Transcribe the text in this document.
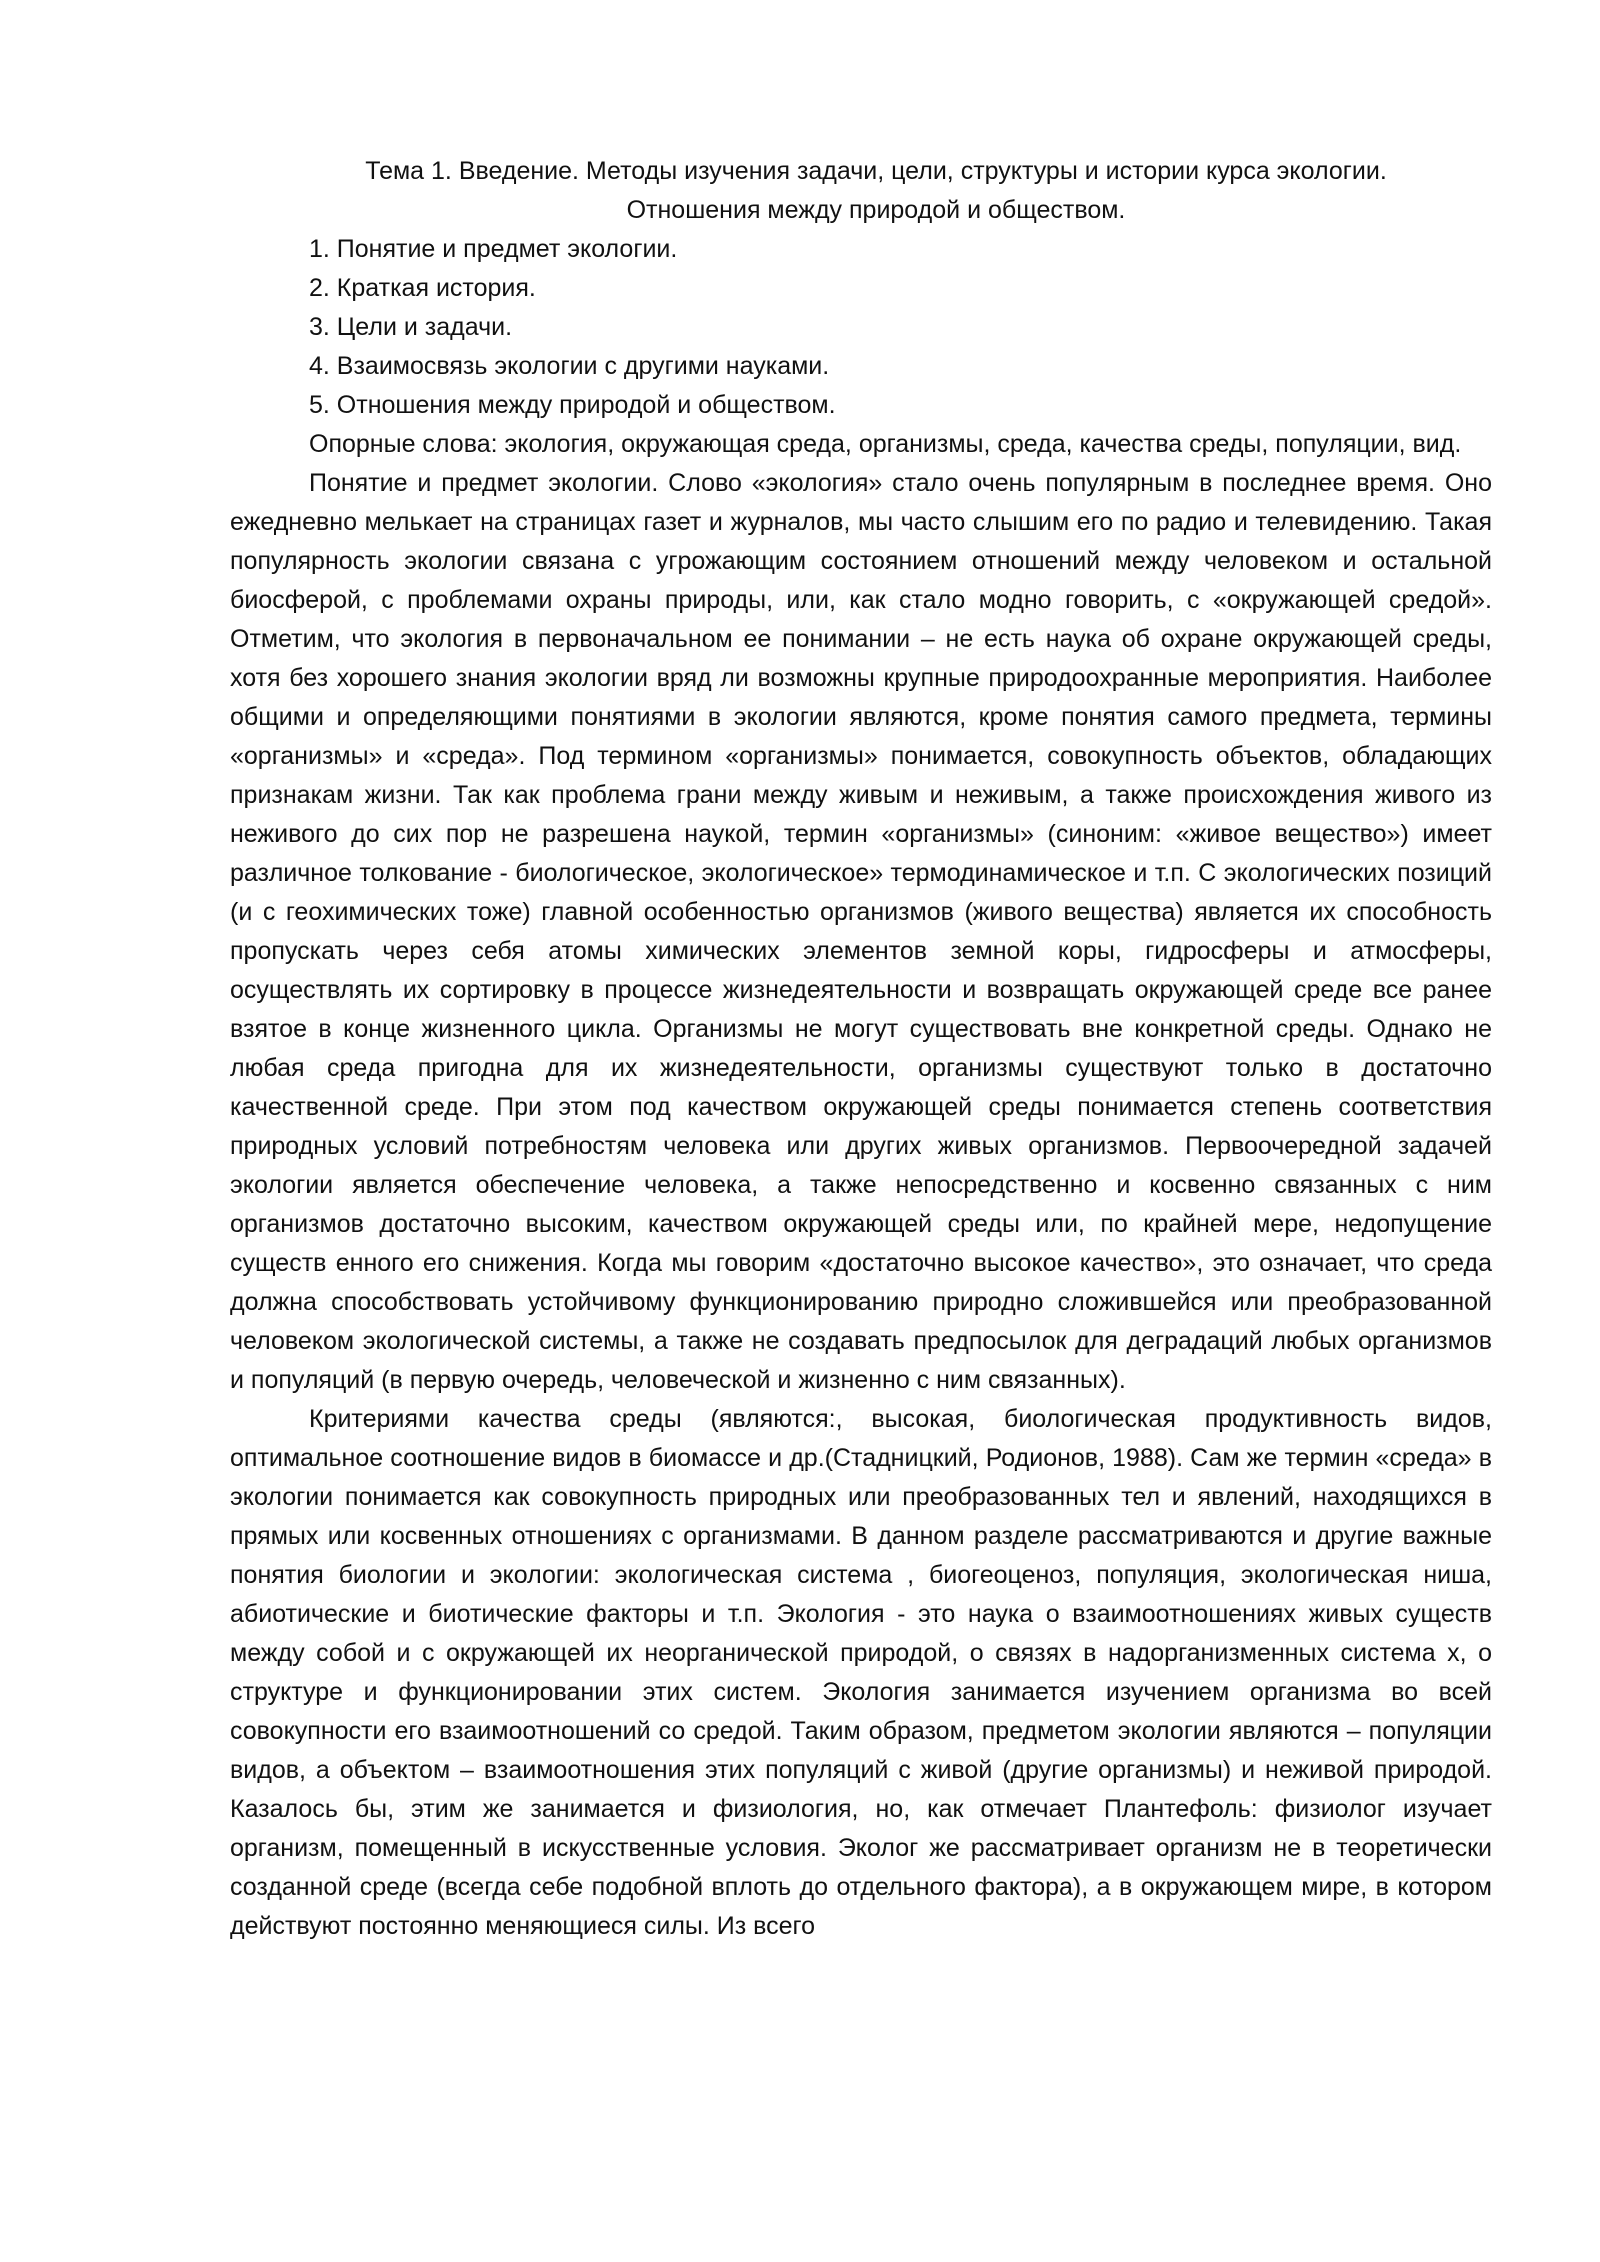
Тема 1. Введение. Методы изучения задачи, цели, структуры и истории курса экологии.
Отношения между природой и обществом.
1. Понятие и предмет экологии.
2. Краткая история.
3. Цели и задачи.
4. Взаимосвязь экологии с другими науками.
5. Отношения между природой и обществом.

Опорные слова: экология, окружающая среда, организмы, среда, качества среды, популяции, вид.

Понятие и предмет экологии. Слово «экология» стало очень популярным в последнее время. Оно ежедневно мелькает на страницах газет и журналов, мы часто слышим его по радио и телевидению. Такая популярность экологии связана с угрожающим состоянием отношений между человеком и остальной биосферой, с проблемами охраны природы, или, как стало модно говорить, с «окружающей средой». Отметим, что экология в первоначальном ее понимании – не есть наука об охране окружающей среды, хотя без хорошего знания экологии вряд ли возможны крупные природоохранные мероприятия. Наиболее общими и определяющими понятиями в экологии являются, кроме понятия самого предмета, термины «организмы» и «среда». Под термином «организмы» понимается, совокупность объектов, обладающих признакам жизни. Так как проблема грани между живым и неживым, а также происхождения живого из неживого до сих пор не разрешена наукой, термин «организмы» (синоним: «живое вещество») имеет различное толкование - биологическое, экологическое» термодинамическое и т.п. С экологических позиций (и с геохимических тоже) главной особенностью организмов (живого вещества) является их способность пропускать через себя атомы химических элементов земной коры, гидросферы и атмосферы, осуществлять их сортировку в процессе жизнедеятельности и возвращать окружающей среде все ранее взятое в конце жизненного цикла. Организмы не могут существовать вне конкретной среды. Однако не любая среда пригодна для их жизнедеятельности, организмы существуют только в достаточно качественной среде. При этом под качеством окружающей среды понимается степень соответствия природных условий потребностям человека или других живых организмов. Первоочередной задачей экологии является обеспечение человека, а также непосредственно и косвенно связанных с ним организмов достаточно высоким, качеством окружающей среды или, по крайней мере, недопущение существ енного его снижения. Когда мы говорим «достаточно высокое качество», это означает, что среда должна способствовать устойчивому функционированию природно сложившейся или преобразованной человеком экологической системы, а также не создавать предпосылок для деградаций любых организмов и популяций (в первую очередь, человеческой и жизненно с ним связанных).

Критериями качества среды (являются:, высокая, биологическая продуктивность видов, оптимальное соотношение видов в биомассе и др.(Стадницкий, Родионов, 1988). Сам же термин «среда» в экологии понимается как совокупность природных или преобразованных тел и явлений, находящихся в прямых или косвенных отношениях с организмами. В данном разделе рассматриваются и другие важные понятия биологии и экологии: экологическая система , биогеоценоз, популяция, экологическая ниша, абиотические и биотические факторы и т.п. Экология - это наука о взаимоотношениях живых существ между собой и с окружающей их неорганической природой, о связях в надорганизменных система х, о структуре и функционировании этих систем. Экология занимается изучением организма во всей совокупности его взаимоотношений со средой. Таким образом, предметом экологии являются – популяции видов, а объектом – взаимоотношения этих популяций с живой (другие организмы) и неживой природой. Казалось бы, этим же занимается и физиология, но, как отмечает Плантефоль: физиолог изучает организм, помещенный в искусственные условия. Эколог же рассматривает организм не в теоретически созданной среде (всегда себе подобной вплоть до отдельного фактора), а в окружающем мире, в котором действуют постоянно меняющиеся силы. Из всего
